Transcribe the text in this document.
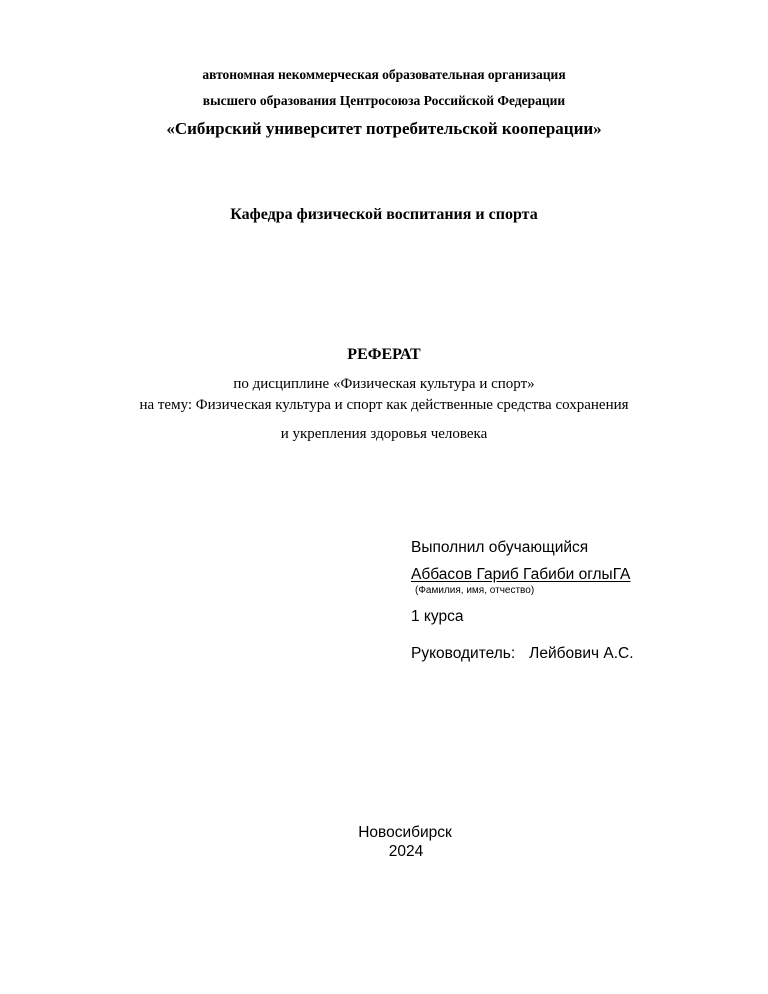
автономная некоммерческая образовательная организация
высшего образования Центросоюза Российской Федерации
«Сибирский университет потребительской кооперации»
Кафедра физической воспитания и спорта
РЕФЕРАТ
по дисциплине «Физическая культура и спорт»
на тему: Физическая культура и спорт как действенные средства сохранения
и укрепления здоровья человека
Выполнил обучающийся
Аббасов Гариб Габиби оглыГА
(Фамилия, имя, отчество)
1 курса
Руководитель: Лейбович А.С.
Новосибирск
2024
